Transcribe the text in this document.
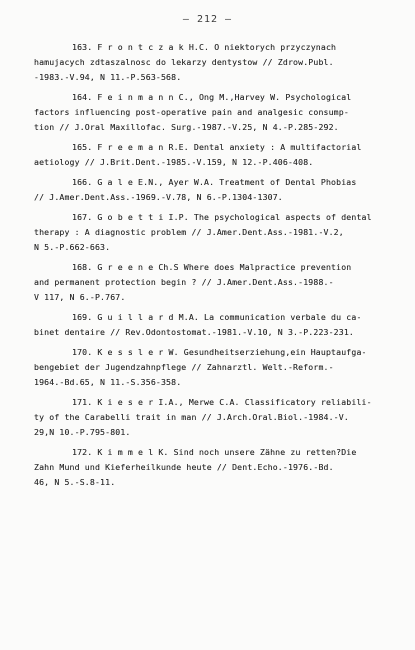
– 212 –
163. F r o n t c z a k H.C. O niektorych przyczynach
hamujacych zdtaszalnosc do lekarzy dentystow // Zdrow.Publ.
-1983.-V.94, N 11.-P.563-568.
164. F e i n m a n n C., Ong M.,Harvey W. Psychological
factors influencing post-operative pain and analgesic consump-
tion // J.Oral Maxillofac. Surg.-1987.-V.25, N 4.-P.285-292.
165. F r e e m a n R.E. Dental anxiety : A multifactorial
aetiology // J.Brit.Dent.-1985.-V.159, N 12.-P.406-408.
166. G a l e E.N., Ayer W.A. Treatment of Dental Phobias
// J.Amer.Dent.Ass.-1969.-V.78, N 6.-P.1304-1307.
167. G o b e t t i I.P. The psychological aspects of dental
therapy : A diagnostic problem // J.Amer.Dent.Ass.-1981.-V.2,
N 5.-P.662-663.
168. G r e e n e Ch.S Where does Malpractice prevention
and permanent protection begin ? // J.Amer.Dent.Ass.-1988.-
V 117, N 6.-P.767.
169. G u i l l a r d M.A. La communication verbale du ca-
binet dentaire // Rev.Odontostomat.-1981.-V.10, N 3.-P.223-231.
170. K e s s l e r W. Gesundheitserziehung,ein Hauptaufga-
bengebiet der Jugendzahnpflege // Zahnarztl. Welt.-Reform.-
1964.-Bd.65, N 11.-S.356-358.
171. K i e s e r I.A., Merwe C.A. Classificatory reliabili-
ty of the Carabelli trait in man // J.Arch.Oral.Biol.-1984.-V.
29,N 10.-P.795-801.
172. K i m m e l K. Sind noch unsere Zähne zu retten?Die
Zahn Mund und Kieferheilkunde heute // Dent.Echo.-1976.-Bd.
46, N 5.-S.8-11.
